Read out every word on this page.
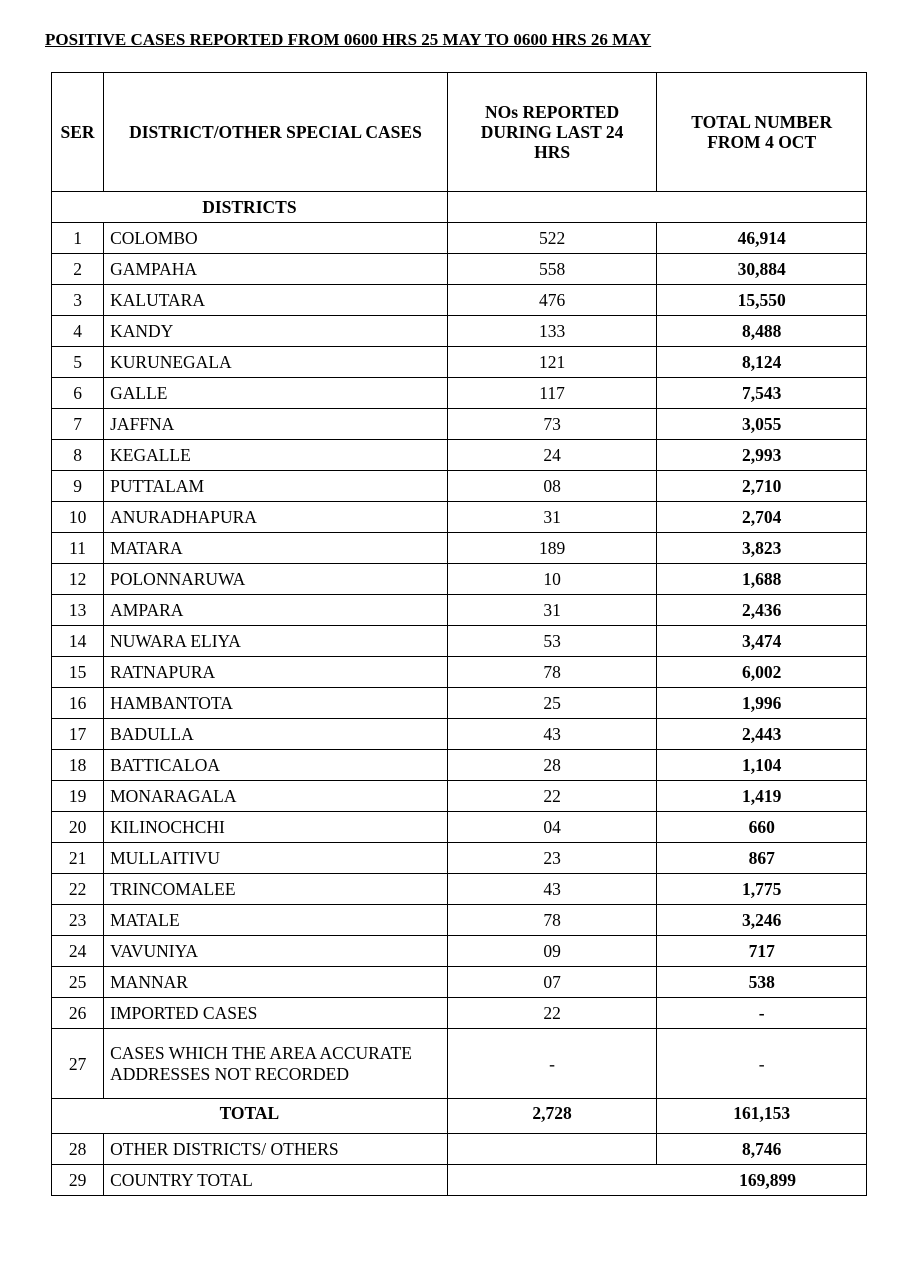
POSITIVE CASES REPORTED FROM 0600 HRS 25 MAY TO 0600 HRS 26 MAY
SER	DISTRICT/OTHER SPECIAL CASES	NOs REPORTED DURING LAST 24 HRS	TOTAL NUMBER FROM 4 OCT
DISTRICTS			
1	COLOMBO	522	46,914
2	GAMPAHA	558	30,884
3	KALUTARA	476	15,550
4	KANDY	133	8,488
5	KURUNEGALA	121	8,124
6	GALLE	117	7,543
7	JAFFNA	73	3,055
8	KEGALLE	24	2,993
9	PUTTALAM	08	2,710
10	ANURADHAPURA	31	2,704
11	MATARA	189	3,823
12	POLONNARUWA	10	1,688
13	AMPARA	31	2,436
14	NUWARA ELIYA	53	3,474
15	RATNAPURA	78	6,002
16	HAMBANTOTA	25	1,996
17	BADULLA	43	2,443
18	BATTICALOA	28	1,104
19	MONARAGALA	22	1,419
20	KILINOCHCHI	04	660
21	MULLAITIVU	23	867
22	TRINCOMALEE	43	1,775
23	MATALE	78	3,246
24	VAVUNIYA	09	717
25	MANNAR	07	538
26	IMPORTED CASES	22	-
27	CASES WHICH THE AREA ACCURATE ADDRESSES NOT RECORDED	-	-
TOTAL		2,728	161,153
28	OTHER DISTRICTS/ OTHERS		8,746
29	COUNTRY TOTAL	169,899	
